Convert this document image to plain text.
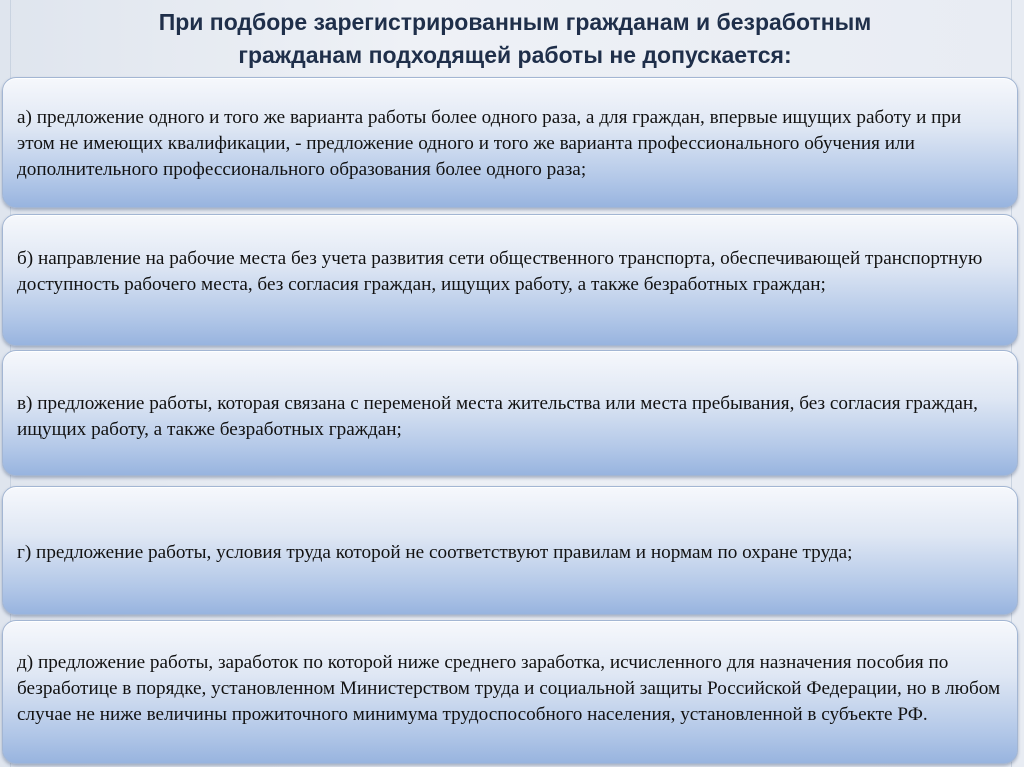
При подборе зарегистрированным гражданам и безработным
гражданам подходящей работы не допускается:
а) предложение одного и того же варианта работы более одного раза, а для граждан, впервые ищущих работу и при этом не имеющих квалификации, - предложение одного и того же варианта профессионального обучения или дополнительного профессионального образования более одного раза;
б) направление на рабочие места без учета развития сети общественного транспорта, обеспечивающей транспортную доступность рабочего места, без согласия граждан, ищущих работу, а также безработных граждан;
в) предложение работы, которая связана с переменой места жительства или места пребывания, без согласия граждан, ищущих работу, а также безработных граждан;
г) предложение работы, условия труда которой не соответствуют правилам и нормам по охране труда;
д) предложение работы, заработок по которой ниже среднего заработка, исчисленного для назначения пособия по безработице в порядке, установленном Министерством труда и социальной защиты Российской Федерации, но в любом случае не ниже величины прожиточного минимума трудоспособного населения, установленной в субъекте РФ.
